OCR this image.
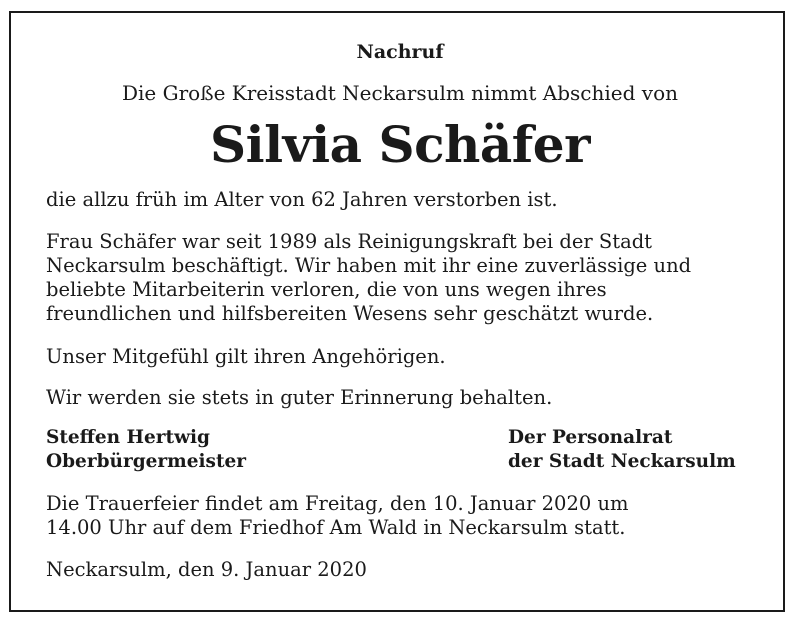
Nachruf
Die Große Kreisstadt Neckarsulm nimmt Abschied von
Silvia Schäfer

die allzu früh im Alter von 62 Jahren verstorben ist.

Frau Schäfer war seit 1989 als Reinigungskraft bei der Stadt
Neckarsulm beschäftigt. Wir haben mit ihr eine zuverlässige und
beliebte Mitarbeiterin verloren, die von uns wegen ihres
freundlichen und hilfsbereiten Wesens sehr geschätzt wurde.

Unser Mitgefühl gilt ihren Angehörigen.

Wir werden sie stets in guter Erinnerung behalten.

Steffen Hertwig
Oberbürgermeister
Der Personalrat
der Stadt Neckarsulm

Die Trauerfeier findet am Freitag, den 10. Januar 2020 um
14.00 Uhr auf dem Friedhof Am Wald in Neckarsulm statt.

Neckarsulm, den 9. Januar 2020
